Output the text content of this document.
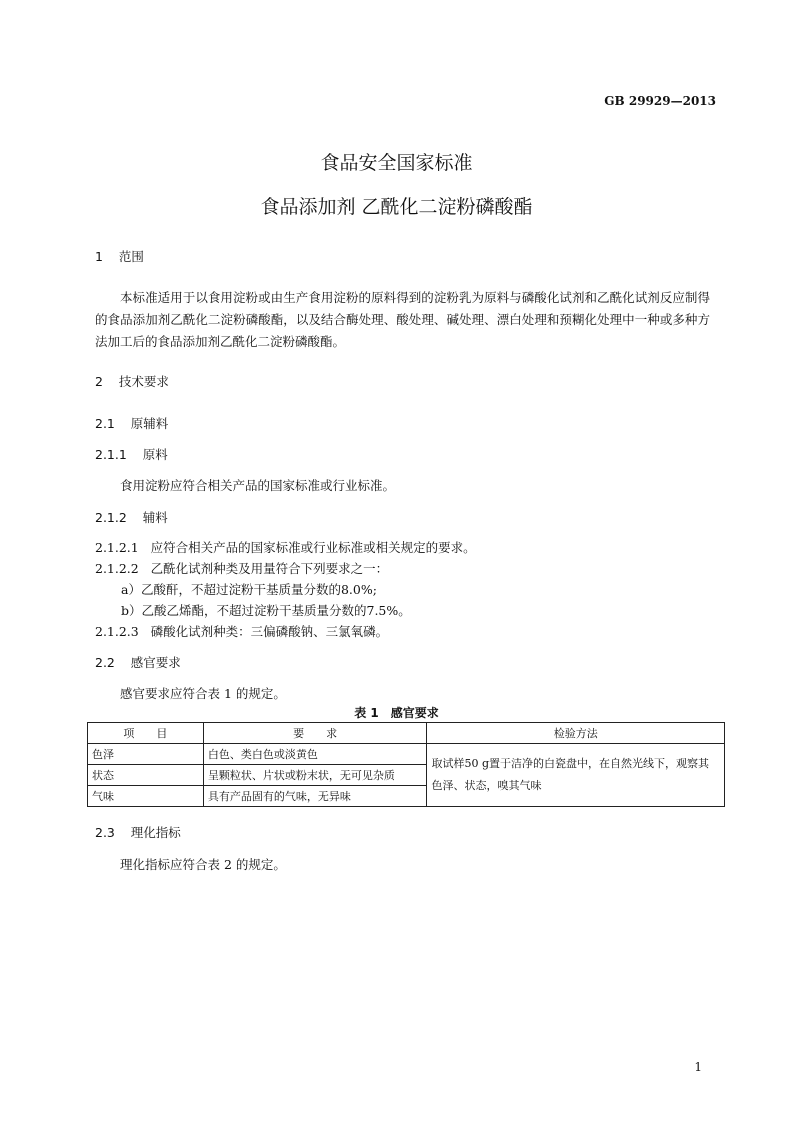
GB 29929—2013
食品安全国家标准
食品添加剂 乙酰化二淀粉磷酸酯
1 范围
本标准适用于以食用淀粉或由生产食用淀粉的原料得到的淀粉乳为原料与磷酸化试剂和乙酰化试剂反应制得的食品添加剂乙酰化二淀粉磷酸酯，以及结合酶处理、酸处理、碱处理、漂白处理和预糊化处理中一种或多种方法加工后的食品添加剂乙酰化二淀粉磷酸酯。
2 技术要求
2.1 原辅料
2.1.1 原料
食用淀粉应符合相关产品的国家标准或行业标准。
2.1.2 辅料
2.1.2.1 应符合相关产品的国家标准或行业标准或相关规定的要求。
2.1.2.2 乙酰化试剂种类及用量符合下列要求之一：
a）乙酸酐，不超过淀粉干基质量分数的8.0%;
b）乙酸乙烯酯，不超过淀粉干基质量分数的7.5%。
2.1.2.3 磷酸化试剂种类：三偏磷酸钠、三氯氧磷。
2.2 感官要求
感官要求应符合表 1 的规定。
表 1　感官要求
项　　目	要　　求	检验方法
色泽	白色、类白色或淡黄色	取试样50 g置于洁净的白瓷盘中，在自然光线下，观察其色泽、状态，嗅其气味
状态	呈颗粒状、片状或粉末状，无可见杂质	
气味	具有产品固有的气味，无异味	
2.3 理化指标
理化指标应符合表 2 的规定。
1
